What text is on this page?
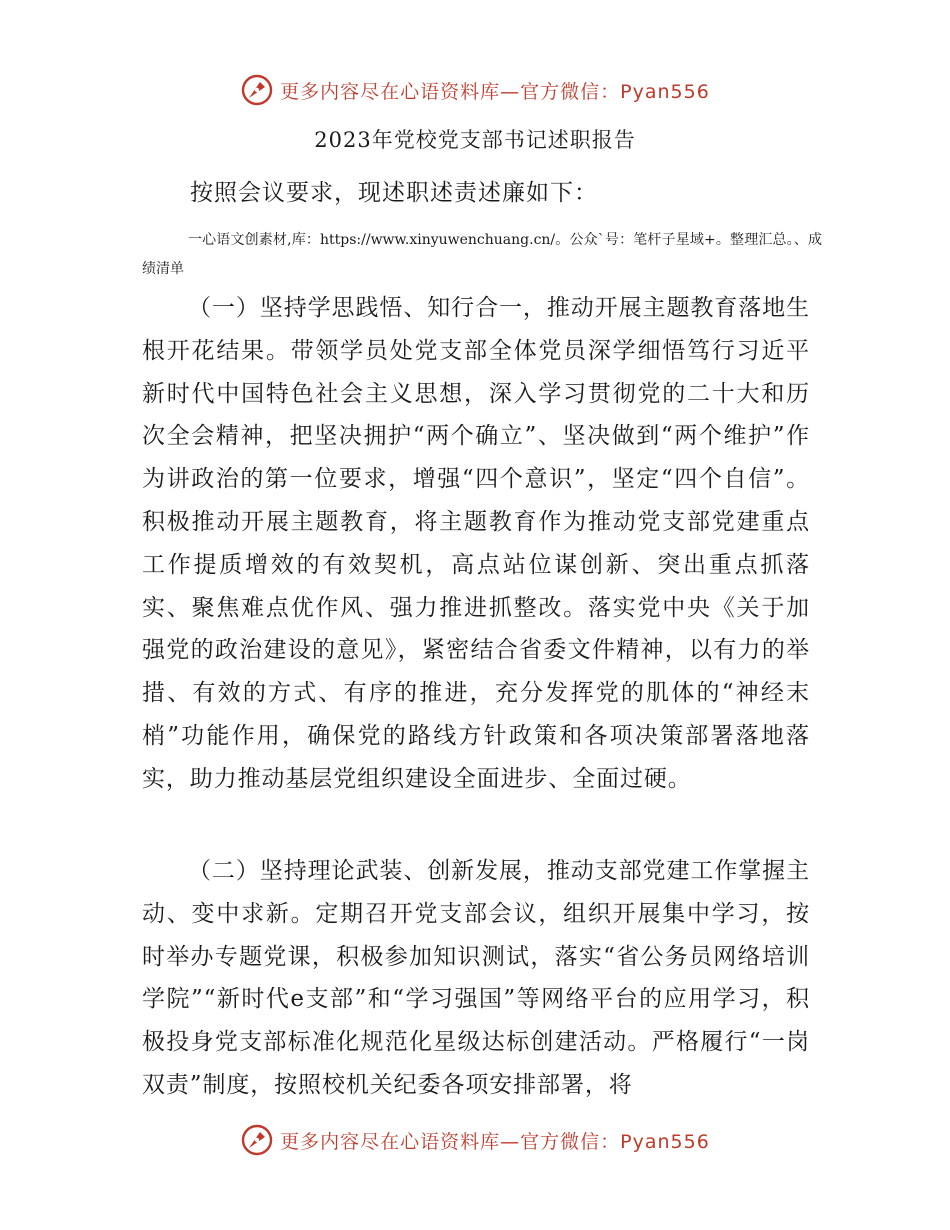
更多内容尽在心语资料库—官方微信：Pyan556
2023年党校党支部书记述职报告
按照会议要求，现述职述责述廉如下：
一心语文创素材,库：https://www.xinyuwenchuang.cn/。公众`号：笔杆子星域+。整理汇总。、成绩清单
（一）坚持学思践悟、知行合一，推动开展主题教育落地生根开花结果。带领学员处党支部全体党员深学细悟笃行习近平新时代中国特色社会主义思想，深入学习贯彻党的二十大和历次全会精神，把坚决拥护“两个确立”、坚决做到“两个维护”作为讲政治的第一位要求，增强“四个意识”，坚定“四个自信”。积极推动开展主题教育，将主题教育作为推动党支部党建重点工作提质增效的有效契机，高点站位谋创新、突出重点抓落实、聚焦难点优作风、强力推进抓整改。落实党中央《关于加强党的政治建设的意见》，紧密结合省委文件精神，以有力的举措、有效的方式、有序的推进，充分发挥党的肌体的“神经末梢”功能作用，确保党的路线方针政策和各项决策部署落地落实，助力推动基层党组织建设全面进步、全面过硬。
（二）坚持理论武装、创新发展，推动支部党建工作掌握主动、变中求新。定期召开党支部会议，组织开展集中学习，按时举办专题党课，积极参加知识测试，落实“省公务员网络培训学院”“新时代e支部”和“学习强国”等网络平台的应用学习，积极投身党支部标准化规范化星级达标创建活动。严格履行“一岗双责”制度，按照校机关纪委各项安排部署，将
更多内容尽在心语资料库—官方微信：Pyan556
